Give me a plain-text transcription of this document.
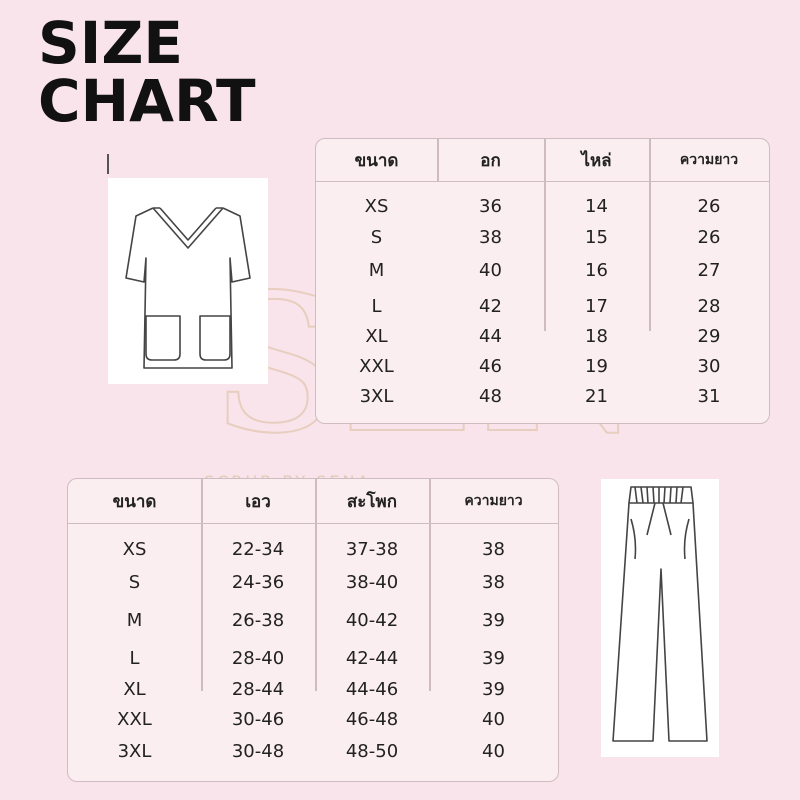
SIZE
CHART
ขนาด	อก	ไหล่	ความยาว
XS	36	14	26
S	38	15	26
M	40	16	27
L	42	17	28
XL	44	18	29
XXL	46	19	30
3XL	48	21	31
ขนาด	เอว	สะโพก	ความยาว
XS	22-34	37-38	38
S	24-36	38-40	38
M	26-38	40-42	39
L	28-40	42-44	39
XL	28-44	44-46	39
XXL	30-46	46-48	40
3XL	30-48	48-50	40
